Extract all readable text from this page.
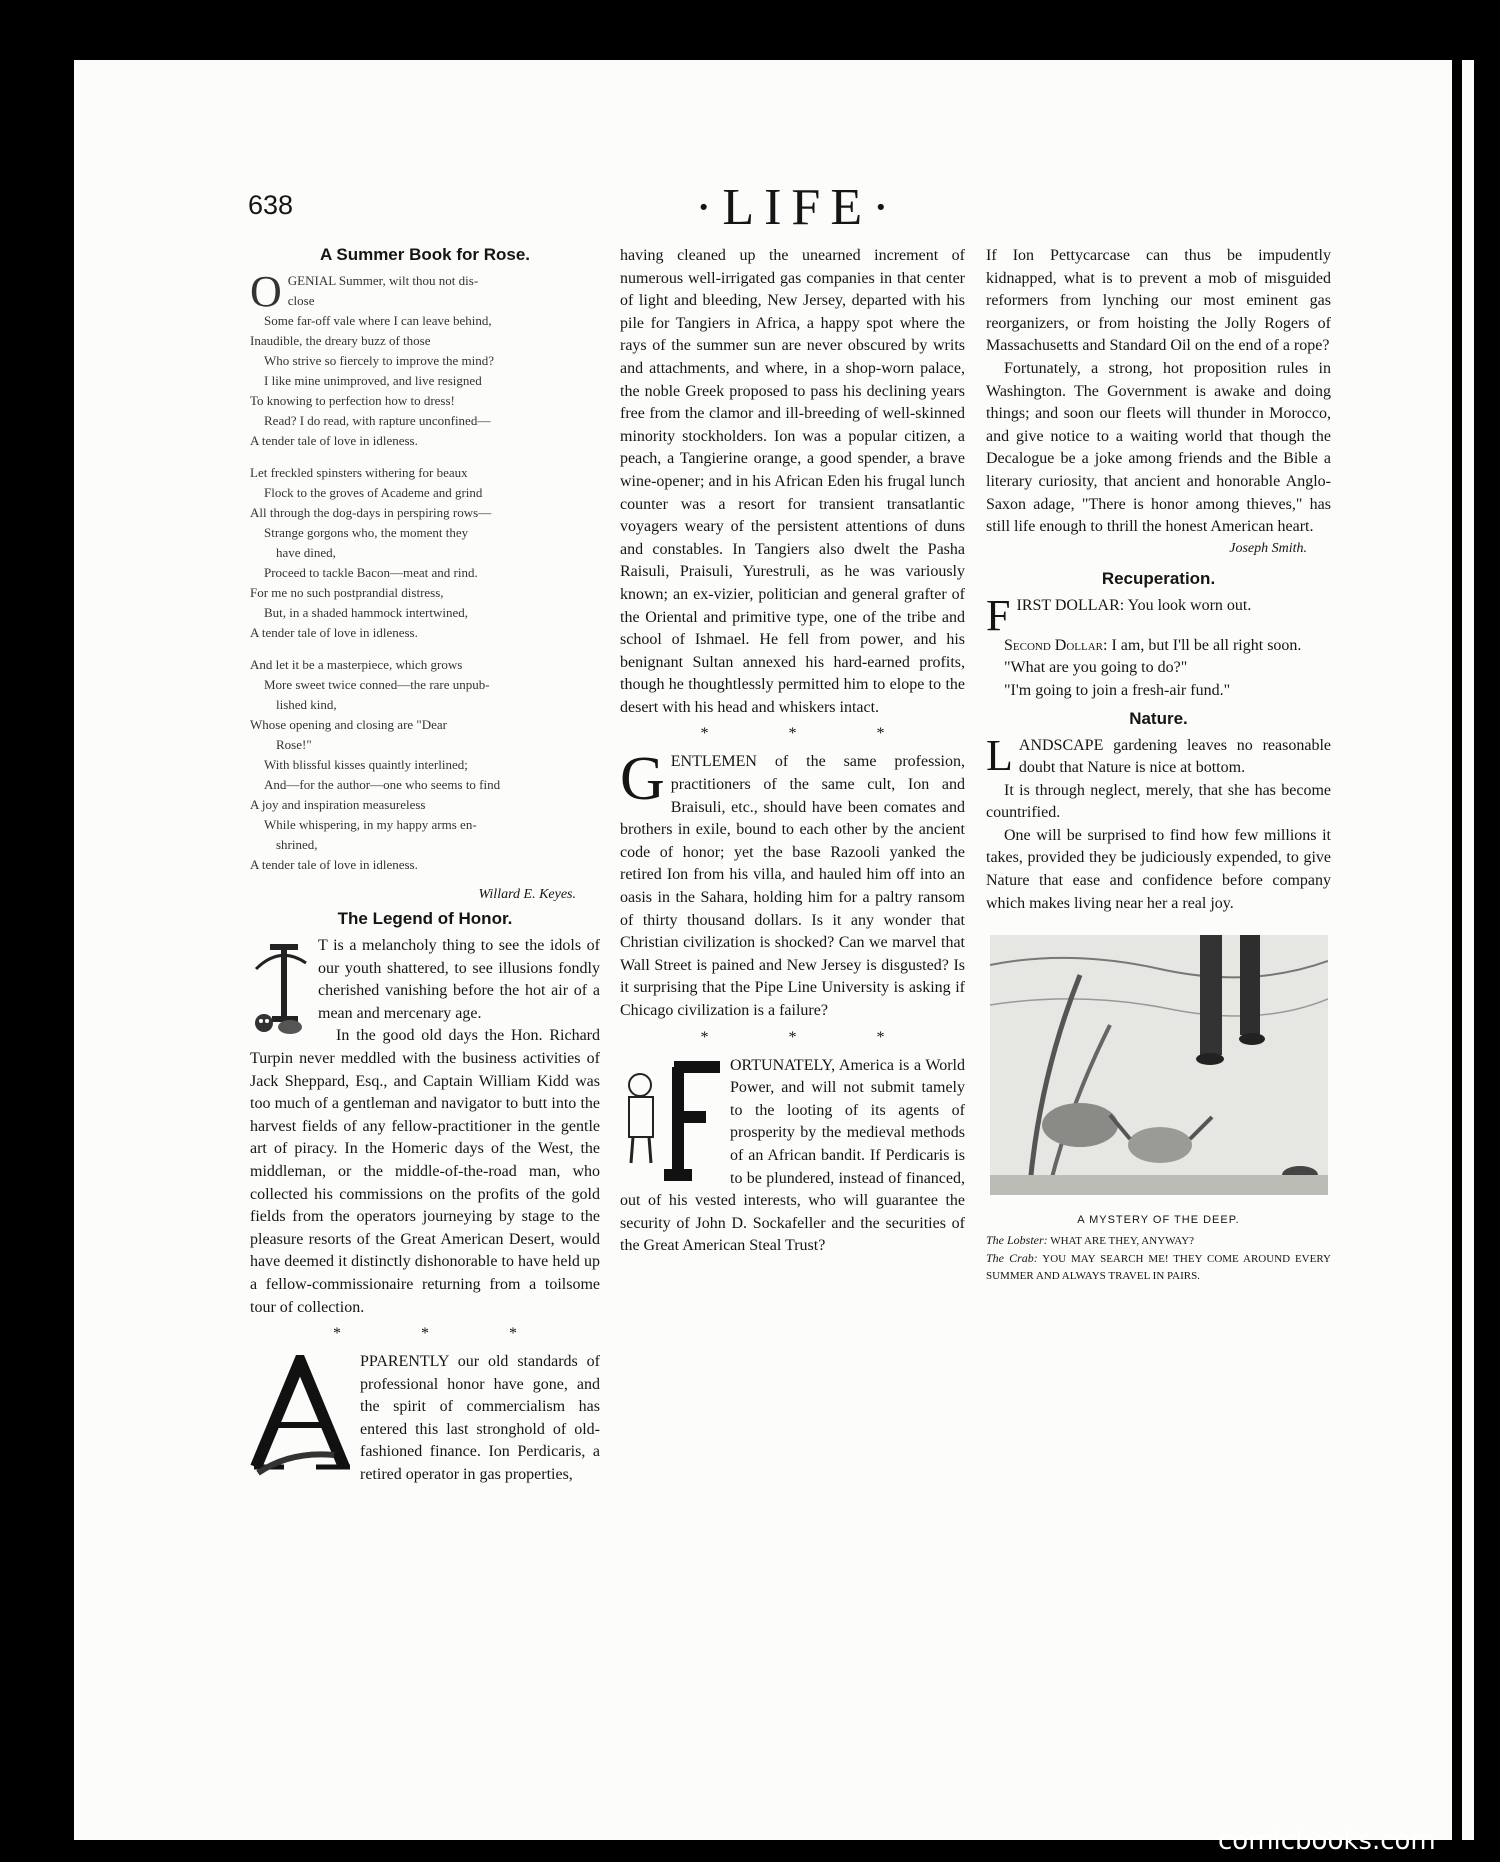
638	·LIFE·
A Summer Book for Rose.
O GENIAL Summer, wilt thou not dis-

close

Some far-off vale where I can leave behind,

Inaudible, the dreary buzz of those

Who strive so fiercely to improve the mind?

I like mine unimproved, and live resigned

To knowing to perfection how to dress!

Read? I do read, with rapture unconfined—

A tender tale of love in idleness.

Let freckled spinsters withering for beaux

Flock to the groves of Academe and grind

All through the dog-days in perspiring rows—

Strange gorgons who, the moment they

have dined,

Proceed to tackle Bacon—meat and rind.

For me no such postprandial distress,

But, in a shaded hammock intertwined,

A tender tale of love in idleness.

And let it be a masterpiece, which grows

More sweet twice conned—the rare unpub-

lished kind,

Whose opening and closing are "Dear

Rose!"

With blissful kisses quaintly interlined;

And—for the author—one who seems to find

A joy and inspiration measureless

While whispering, in my happy arms en-

shrined,

A tender tale of love in idleness.

Willard E. Keyes.
The Legend of Honor.

T is a melancholy thing to see the idols of our youth shattered, to see illusions fondly cherished vanishing before the hot air of a mean and mercenary age.

In the good old days the Hon. Richard Turpin never meddled with the business activities of Jack Sheppard, Esq., and Captain William Kidd was too much of a gentleman and navigator to butt into the harvest fields of any fellow-practitioner in the gentle art of piracy. In the Homeric days of the West, the middleman, or the middle-of-the-road man, who collected his commissions on the profits of the gold fields from the operators journeying by stage to the pleasure resorts of the Great American Desert, would have deemed it distinctly dishonorable to have held up a fellow-commissionaire returning from a toilsome tour of collection.

* * *

PPARENTLY our old standards of professional honor have gone, and the spirit of commercialism has entered this last stronghold of old-fashioned finance. Ion Perdicaris, a retired operator in gas properties,

having cleaned up the unearned increment of numerous well-irrigated gas companies in that center of light and bleeding, New Jersey, departed with his pile for Tangiers in Africa, a happy spot where the rays of the summer sun are never obscured by writs and attachments, and where, in a shop-worn palace, the noble Greek proposed to pass his declining years free from the clamor and ill-breeding of well-skinned minority stockholders. Ion was a popular citizen, a peach, a Tangierine orange, a good spender, a brave wine-opener; and in his African Eden his frugal lunch counter was a resort for transient transatlantic voyagers weary of the persistent attentions of duns and constables. In Tangiers also dwelt the Pasha Raisuli, Praisuli, Yurestruli, as he was variously known; an ex-vizier, politician and general grafter of the Oriental and primitive type, one of the tribe and school of Ishmael. He fell from power, and his benignant Sultan annexed his hard-earned profits, though he thoughtlessly permitted him to elope to the desert with his head and whiskers intact.

* * *
G ENTLEMEN of the same profession, practitioners of the same cult, Ion and Braisuli, etc., should have been comates and brothers in exile, bound to each other by the ancient code of honor; yet the base Razooli yanked the retired Ion from his villa, and hauled him off into an oasis in the Sahara, holding him for a paltry ransom of thirty thousand dollars. Is it any wonder that Christian civilization is shocked? Can we marvel that Wall Street is pained and New Jersey is disgusted? Is it surprising that the Pipe Line University is asking if Chicago civilization is a failure?

* * *

ORTUNATELY, America is a World Power, and will not submit tamely to the looting of its agents of prosperity by the medieval methods of an African bandit. If Perdicaris is to be plundered, instead of financed, out of his vested interests, who will guarantee the security of John D. Sockafeller and the securities of the Great American Steal Trust?

If Ion Pettycarcase can thus be impudently kidnapped, what is to prevent a mob of misguided reformers from lynching our most eminent gas reorganizers, or from hoisting the Jolly Rogers of Massachusetts and Standard Oil on the end of a rope?

Fortunately, a strong, hot proposition rules in Washington. The Government is awake and doing things; and soon our fleets will thunder in Morocco, and give notice to a waiting world that though the Decalogue be a joke among friends and the Bible a literary curiosity, that ancient and honorable Anglo-Saxon adage, "There is honor among thieves," has still life enough to thrill the honest American heart.

Joseph Smith.
Recuperation.
F IRST DOLLAR: You look worn out.

Second Dollar: I am, but I'll be all right soon.

"What are you going to do?"

"I'm going to join a fresh-air fund."

Nature.
L ANDSCAPE gardening leaves no reasonable doubt that Nature is nice at bottom.

It is through neglect, merely, that she has become countrified.

One will be surprised to find how few millions it takes, provided they be judiciously expended, to give Nature that ease and confidence before company which makes living near her a real joy.

A MYSTERY OF THE DEEP.

The Lobster: WHAT ARE THEY, ANYWAY?

The Crab: YOU MAY SEARCH ME! THEY COME AROUND EVERY SUMMER AND ALWAYS TRAVEL IN PAIRS.

comicbooks.com
